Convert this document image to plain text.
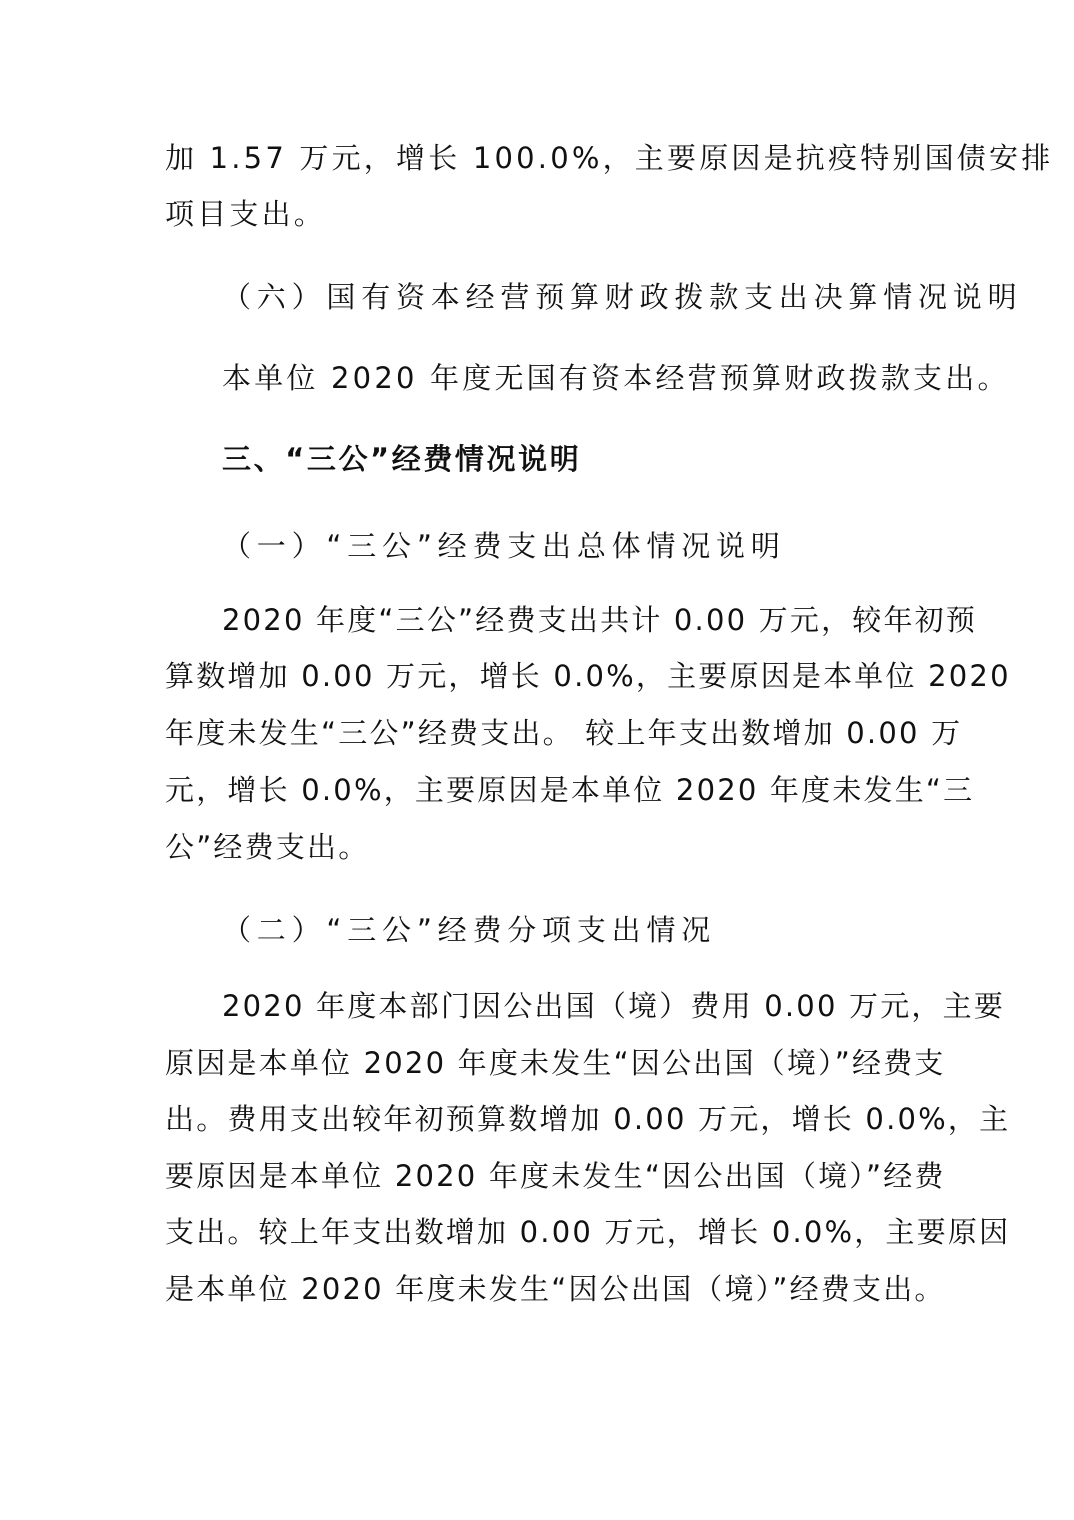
加 1.57 万元，增长 100.0%，主要原因是抗疫特别国债安排
项目支出。
（六）国有资本经营预算财政拨款支出决算情况说明
本单位 2020 年度无国有资本经营预算财政拨款支出。
三、“三公”经费情况说明
（一）“三公”经费支出总体情况说明
2020 年度“三公”经费支出共计 0.00 万元，较年初预
算数增加 0.00 万元，增长 0.0%，主要原因是本单位 2020
年度未发生“三公”经费支出。 较上年支出数增加 0.00 万
元，增长 0.0%，主要原因是本单位 2020 年度未发生“三
公”经费支出。
（二）“三公”经费分项支出情况
2020 年度本部门因公出国（境）费用 0.00 万元，主要
原因是本单位 2020 年度未发生“因公出国（境）”经费支
出。费用支出较年初预算数增加 0.00 万元，增长 0.0%，主
要原因是本单位 2020 年度未发生“因公出国（境）”经费
支出。较上年支出数增加 0.00 万元，增长 0.0%，主要原因
是本单位 2020 年度未发生“因公出国（境）”经费支出。
